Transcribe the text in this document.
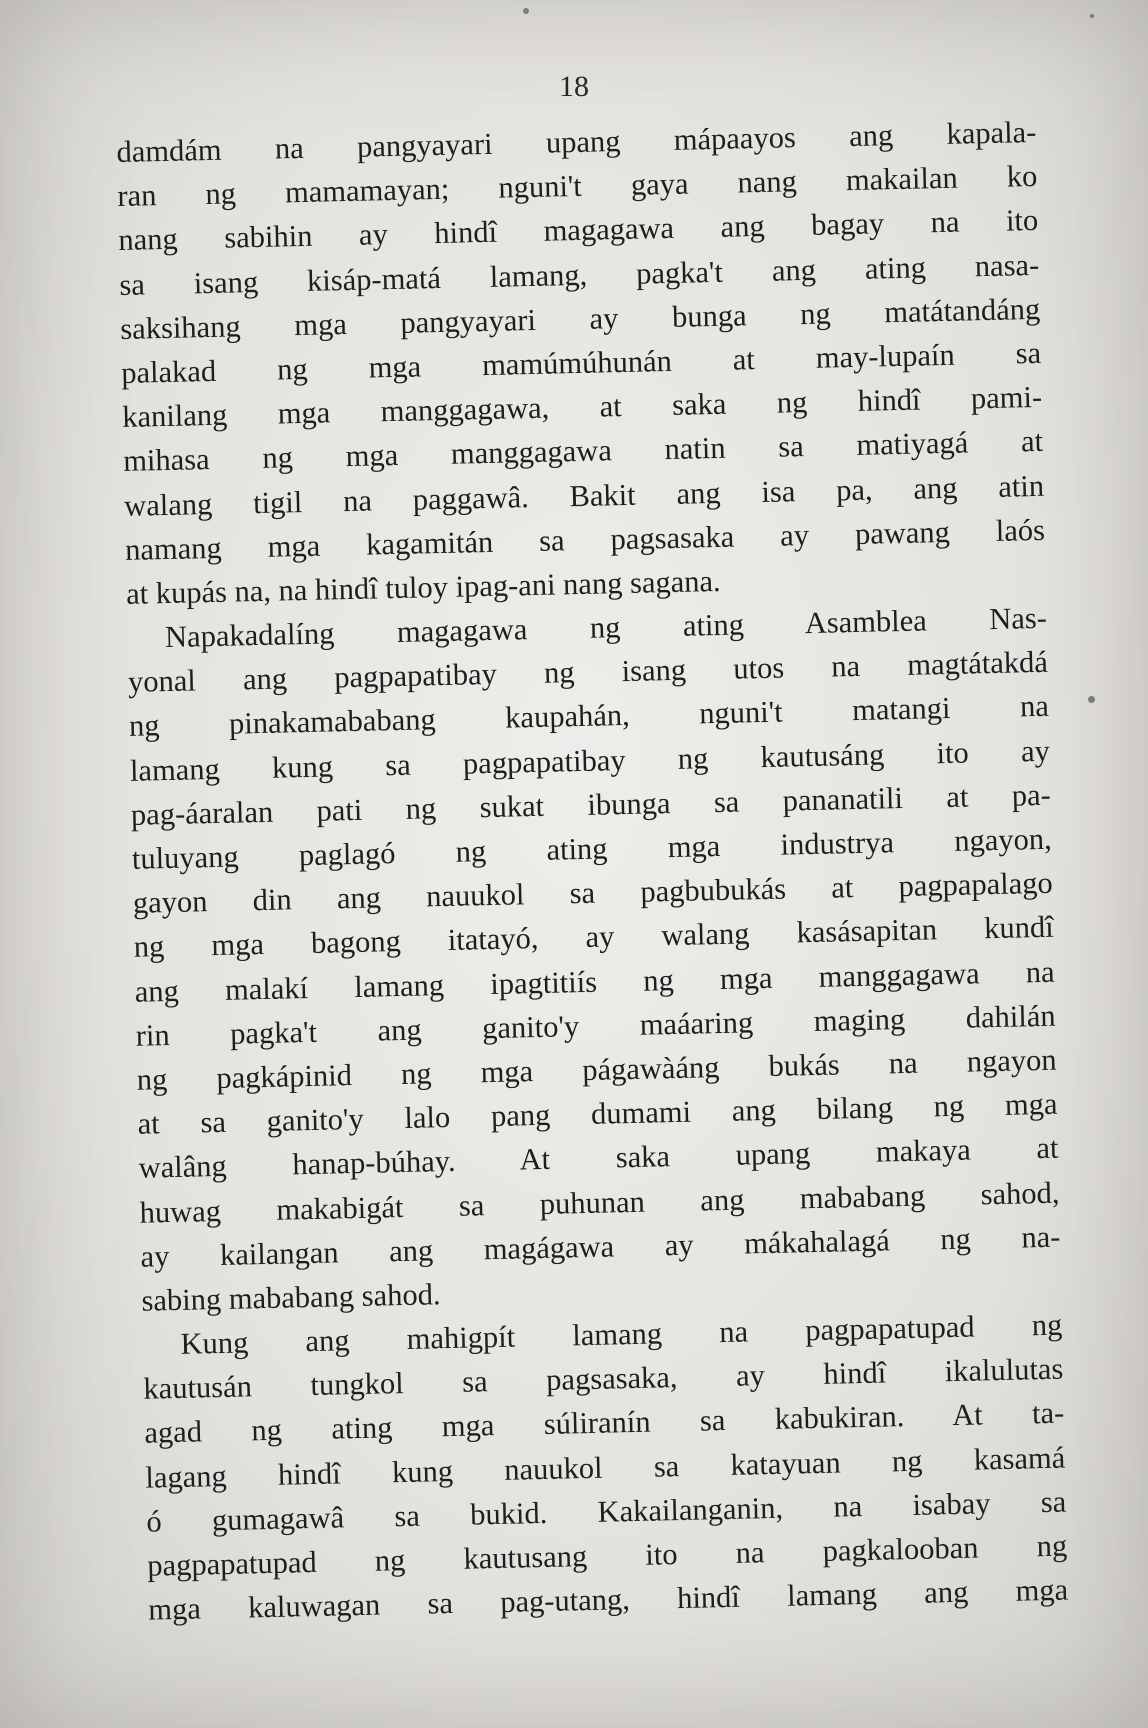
18

damdám na pangyayari upang mápaayos ang kapala-
ran ng mamamayan; nguni't gaya nang makailan ko
nang sabihin ay hindî magagawa ang bagay na ito
sa isang kisáp-matá lamang, pagka't ang ating nasa-
saksihang mga pangyayari ay bunga ng matátandáng
palakad ng mga mamúmúhunán at may-lupaín sa
kanilang mga manggagawa, at saka ng hindî pami-
mihasa ng mga manggagawa natin sa matiyagá at
walang tigil na paggawâ. Bakit ang isa pa, ang atin
namang mga kagamitán sa pagsasaka ay pawang laós
at kupás na, na hindî tuloy ipag-ani nang sagana.
Napakadalíng magagawa ng ating Asamblea Nas-
yonal ang pagpapatibay ng isang utos na magtátakdá
ng pinakamababang kaupahán, nguni't matangi na
lamang kung sa pagpapatibay ng kautusáng ito ay
pag-áaralan pati ng sukat ibunga sa pananatili at pa-
tuluyang paglagó ng ating mga industrya ngayon,
gayon din ang nauukol sa pagbubukás at pagpapalago
ng mga bagong itatayó, ay walang kasásapitan kundî
ang malakí lamang ipagtitiís ng mga manggagawa na
rin pagka't ang ganito'y maáaring maging dahilán
ng pagkápinid ng mga págawàáng bukás na ngayon
at sa ganito'y lalo pang dumami ang bilang ng mga
walâng hanap-búhay. At saka upang makaya at
huwag makabigát sa puhunan ang mababang sahod,
ay kailangan ang magágawa ay mákahalagá ng na-
sabing mababang sahod.
Kung ang mahigpít lamang na pagpapatupad ng
kautusán tungkol sa pagsasaka, ay hindî ikalulutas
agad ng ating mga súliranín sa kabukiran. At ta-
lagang hindî kung nauukol sa katayuan ng kasamá
ó gumagawâ sa bukid. Kakailanganin, na isabay sa
pagpapatupad ng kautusang ito na pagkalooban ng
mga kaluwagan sa pag-utang, hindî lamang ang mga
